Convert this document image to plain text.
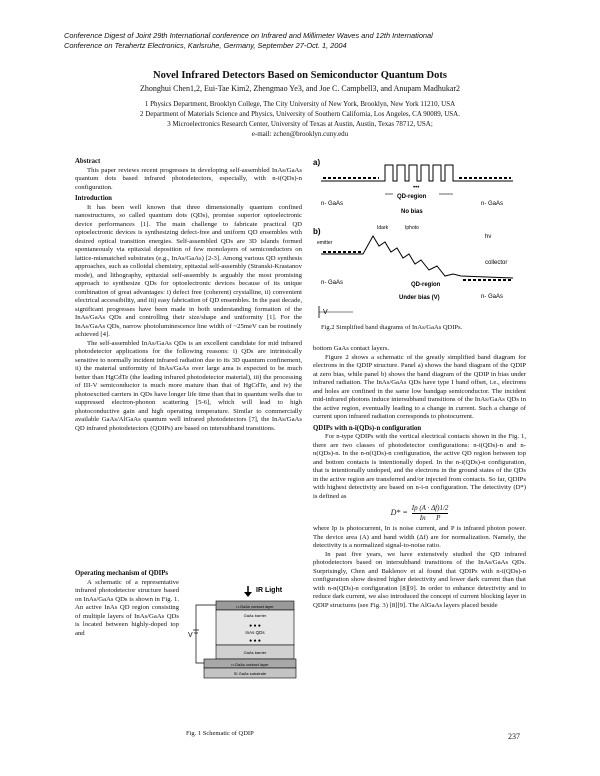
Conference Digest of Joint 29th International conference on Infrared and Millimeter Waves and 12th International
Conference on Terahertz Electronics, Karlsruhe, Germany, September 27-Oct. 1, 2004
Novel Infrared Detectors Based on Semiconductor Quantum Dots
Zhonghui Chen1,2, Eui-Tae Kim2, Zhengmao Ye3, and Joe C. Campbell3, and Anupam Madhukar2
1 Physics Department, Brooklyn College, The City University of New York, Brooklyn, New York 11210, USA
2 Department of Materials Science and Physics, University of Southern California, Los Angeles, CA 90089, USA.
3 Microelectronics Research Center, University of Texas at Austin, Austin, Texas 78712, USA;
e-mail: zchen@brooklyn.cuny.edu

Abstract

This paper reviews recent progresses in developing self-assembled InAs/GaAs quantum dots based infrared photodetectors, especially, with n-i(QDs)-n configuration.

Introduction

It has been well known that three dimensionally quantum confined nanostructures, so called quantum dots (QDs), promise superior optoelectronic device performances [1]. The main challenge to fabricate practical QD optoelectronic devices is synthesizing defect-free and uniform QD ensembles with desired optical transition energies. Self-assembled QDs are 3D islands formed spontaneously via epitaxial deposition of few monolayers of semiconductors on lattice-mismatched substrates (e.g., InAs/GaAs) [2-3]. Among various QD synthesis approaches, such as colloidal chemistry, epitaxial self-assembly (Stranski-Krastanov mode), and lithography, epitaxial self-assembly is arguably the most promising approach to synthesize QDs for optoelectronic devices because of its unique combination of great advantages: i) defect free (coherent) crystalline, ii) convenient electrical accessibility, and iii) easy fabrication of QD ensembles. In the past decade, significant progresses have been made in both understanding formation of the InAs/GaAs QDs and controlling their size/shape and uniformity [1]. For the InAs/GaAs QDs, narrow photoluminescence line width of ~25meV can be routinely achieved [4].

The self-assembled InAs/GaAs QDs is an excellent candidate for mid infrared photodetector applications for the following reasons: i) QDs are intrinsically sensitive to normally incident infrared radiation due to its 3D quantum confinement, ii) the material uniformity of InAs/GaAs over large area is expected to be much better than HgCdTe (the leading infrared photodetector material), iii) the processing of III-V semiconductor is much more mature than that of HgCdTe, and iv) the photoexcited carriers in QDs have longer life time than that in quantum wells due to suppressed electron-phonon scattering [5-6], which will lead to high photoconductive gain and high operating temperature. Similar to commercially available GaAs/AlGaAs quantum well infrared photodetectors [7], the InAs/GaAs QD infrared photodetectors (QDIPs) are based on intersubband transitions.

Operating mechanism of QDIPs

A schematic of a representative infrared photodetector structure based on InAs/GaAs QDs is shown in Fig. 1. An active InAs QD region consisting of multiple layers of InAs/GaAs QDs is located between highly-doped top and

IR Light
n-GaAs contact layer
GaAs barrier
● ● ●
InAs QDs
● ● ●
GaAs barrier
n-GaAs contact layer
SI GaAs substrate
V
Fig. 1 Schematic of QDIP
a)
n- GaAs	n- GaAs
QD-region
No bias
•••
b)
emitter
Idark	Iphoto
hν
collector
n- GaAs
n- GaAs
QD-region
Under bias (V)
V
Fig.2 Simplified band diagrams of InAs/GaAs QDIPs.

bottom GaAs contact layers.

Figure 2 shows a schematic of the greatly simplified band diagram for electrons in the QDIP structure. Panel a) shows the band diagram of the QDIP at zero bias, while panel b) shows the band diagram of the QDIP in bias under infrared radiation. The InAs/GaAs QDs have type I band offset, i.e., electrons and holes are confined in the same low bandgap semiconductor. The incident mid-infrared photons induce intersubband transitions of the InAs/GaAs QDs in the active region, eventually leading to a change in current. Such a change of current upon infrared radiation corresponds to photocurrent.

QDIPs with n-i(QDs)-n configuration

For n-type QDIPs with the vertical electrical contacts shown in the Fig. 1, there are two classes of photodetector configurations: n-i(QDs)-n and n-n(QDs)-n. In the n-n(QDs)-n configuration, the active QD region between top and bottom contacts is intentionally doped. In the n-i(QDs)-n configuration, that is intentionally undoped, and the electrons in the ground states of the QDs in the active region are transferred and/or injected from contacts. So far, QDIPs with highest detectivity are based on n-i-n configuration. The detectivity (D*) is defined as

$D* = \frac{Ip (A \cdot \Delta f)1/2}{\text{In      P}}$

where Ip is photocurrent, In is noise current, and P is infrared photon power. The device area (A) and band width (Δf) are for normalization. Namely, the detectivity is a normalized signal-to-noise ratio.

In past five years, we have extensively studied the QD infrared photodetectors based on intersubband transitions of the InAs/GaAs QDs. Surprisingly, Chen and Baklenov et al found that QDIPs with n-i(QDs)-n configuration show desired higher detectivity and lower dark current than that with n-n(QDs)-n configuration [8][9]. In order to enhance detectivity and to reduce dark current, we also introduced the concept of current blocking layer in QDIP structures (see Fig. 3) [8][9]. The AlGaAs layers placed beside

237
